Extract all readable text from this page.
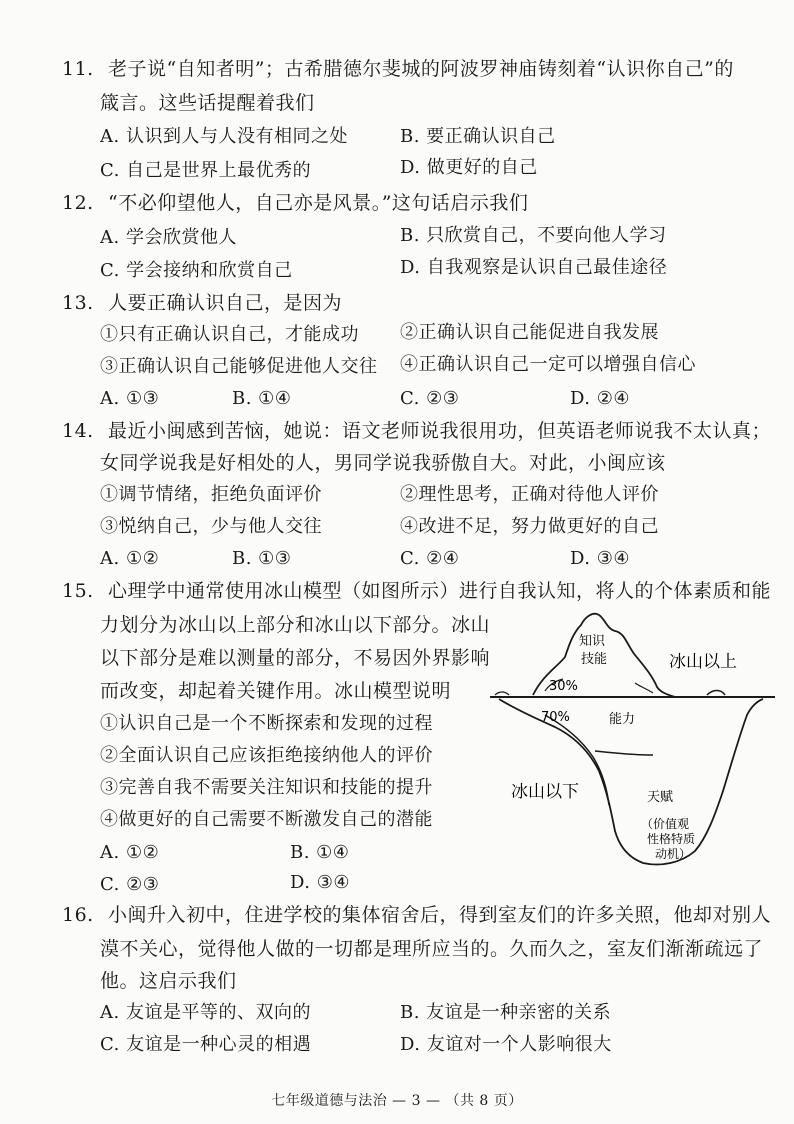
11. 老子说“自知者明”；古希腊德尔斐城的阿波罗神庙铸刻着“认识你自己”的
箴言。这些话提醒着我们
A. 认识到人与人没有相同之处	B. 要正确认识自己
C. 自己是世界上最优秀的	D. 做更好的自己
12. “不必仰望他人，自己亦是风景。”这句话启示我们
A. 学会欣赏他人	B. 只欣赏自己，不要向他人学习
C. 学会接纳和欣赏自己	D. 自我观察是认识自己最佳途径
13. 人要正确认识自己，是因为
①只有正确认识自己，才能成功 ②正确认识自己能促进自我发展
③正确认识自己能够促进他人交往 ④正确认识自己一定可以增强自信心
A. ①③	B. ①④	C. ②③	D. ②④
14. 最近小闽感到苦恼，她说：语文老师说我很用功，但英语老师说我不太认真；
女同学说我是好相处的人，男同学说我骄傲自大。对此，小闽应该
①调节情绪，拒绝负面评价	②理性思考，正确对待他人评价
③悦纳自己，少与他人交往	④改进不足，努力做更好的自己
A. ①②	B. ①③	C. ②④	D. ③④
15. 心理学中通常使用冰山模型（如图所示）进行自我认知，将人的个体素质和能
力划分为冰山以上部分和冰山以下部分。冰山
以下部分是难以测量的部分，不易因外界影响
而改变，却起着关键作用。冰山模型说明
①认识自己是一个不断探索和发现的过程
②全面认识自己应该拒绝接纳他人的评价
③完善自我不需要关注知识和技能的提升
④做更好的自己需要不断激发自己的潜能
A. ①②	B. ①④
C. ②③	D. ③④
知识
技能
30%
冰山以上
70%	能力
天赋
冰山以下
（价值观
性格特质
动机）
16. 小闽升入初中，住进学校的集体宿舍后，得到室友们的许多关照，他却对别人
漠不关心，觉得他人做的一切都是理所应当的。久而久之，室友们渐渐疏远了
他。这启示我们
A. 友谊是平等的、双向的	B. 友谊是一种亲密的关系
C. 友谊是一种心灵的相遇	D. 友谊对一个人影响很大
七年级道德与法治 — 3 — （共 8 页）
